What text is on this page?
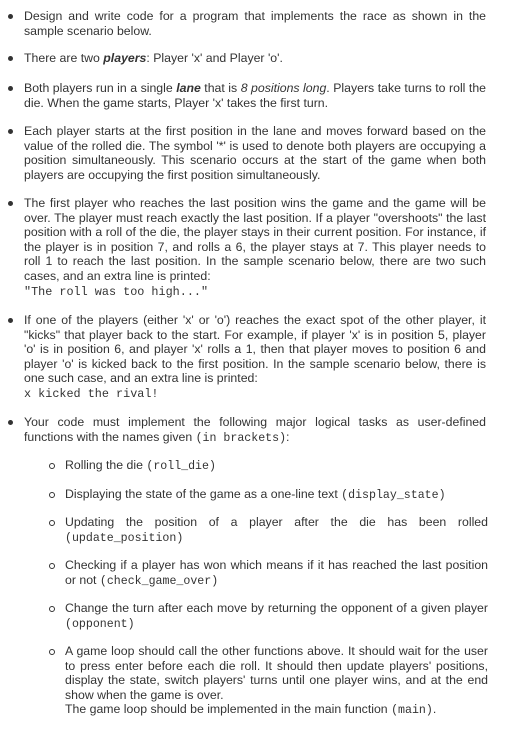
Design and write code for a program that implements the race as shown in the sample scenario below.
There are two players: Player 'x' and Player 'o'.
Both players run in a single lane that is 8 positions long. Players take turns to roll the die. When the game starts, Player 'x' takes the first turn.
Each player starts at the first position in the lane and moves forward based on the value of the rolled die. The symbol '*' is used to denote both players are occupying a position simultaneously. This scenario occurs at the start of the game when both players are occupying the first position simultaneously.
The first player who reaches the last position wins the game and the game will be over. The player must reach exactly the last position. If a player "overshoots" the last position with a roll of the die, the player stays in their current position. For instance, if the player is in position 7, and rolls a 6, the player stays at 7. This player needs to roll 1 to reach the last position. In the sample scenario below, there are two such cases, and an extra line is printed:
"The roll was too high..."
If one of the players (either 'x' or 'o') reaches the exact spot of the other player, it "kicks" that player back to the start. For example, if player 'x' is in position 5, player 'o' is in position 6, and player 'x' rolls a 1, then that player moves to position 6 and player 'o' is kicked back to the first position. In the sample scenario below, there is one such case, and an extra line is printed:
x kicked the rival!
Your code must implement the following major logical tasks as user-defined functions with the names given (in brackets):
Rolling the die (roll_die)
Displaying the state of the game as a one-line text (display_state)
Updating the position of a player after the die has been rolled (update_position)
Checking if a player has won which means if it has reached the last position or not (check_game_over)
Change the turn after each move by returning the opponent of a given player (opponent)
A game loop should call the other functions above. It should wait for the user to press enter before each die roll. It should then update players' positions, display the state, switch players' turns until one player wins, and at the end show when the game is over.
The game loop should be implemented in the main function (main).
